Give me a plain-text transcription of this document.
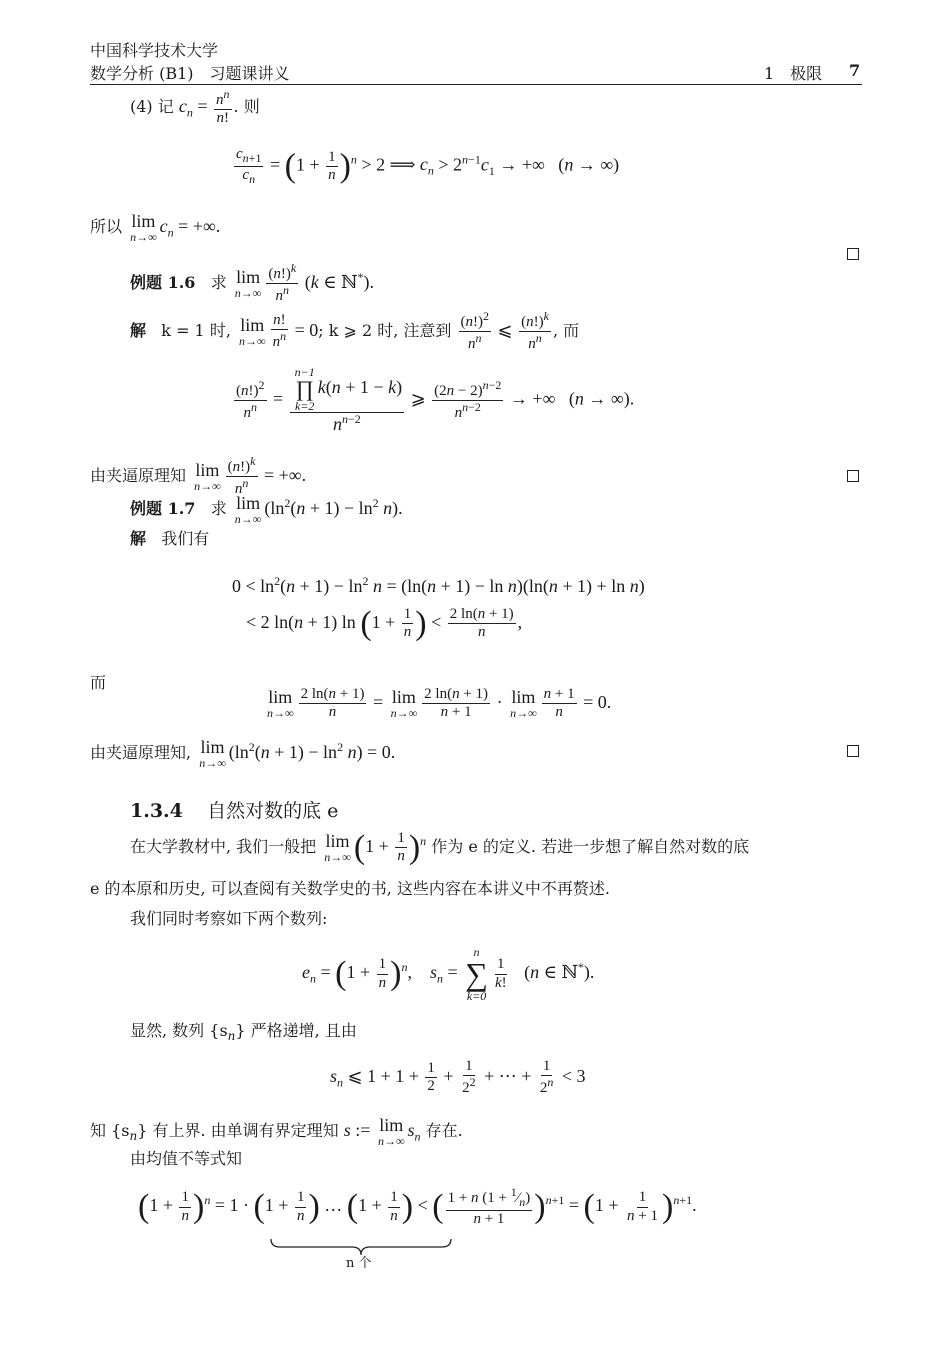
中国科学技术大学
数学分析 (B1)　习题课讲义	1　极限 7
(4) 记 $c_n = \frac{n^n}{n!}$ . 则
$\frac{c_{n+1}}{c_n} = (1 + \frac{1}{n} )^n > 2$ ⟹ $c_n > 2^{n-1}c_1$ → +∞   (n → ∞)
所以 lim
n→∞
$c_n$ = +∞.
例题 1.6 求 lim
$n\to\infty \frac{(n!)^k}{n^n} (k$ ∈ ℕ*).
解 k = 1 时, lim
$n\to\infty \frac{n!}{n^n} = 0$; k ⩾ 2 时, 注意到 $\frac{(n!)^2}{n^n}$ ⩽ $\frac{(n!)^k}{n^n}$ , 而
$\frac{(n!)^2}{n^n} = n-1$
∏
k=2
k(n + 1 − k)
$n^{n-2}$ ⩾ $\frac{(2n - 2)^{n-2}}{n^{n-2}}$ → +∞   (n → ∞).
由夹逼原理知 lim
$n\to\infty \frac{(n!)^k}{n^n}$ = +∞.
例题 1.7 求 lim
n→∞
$(\ln^2(n + 1) - \ln^2 n)$.
解 我们有
$0 < \ln^2(n + 1) - \ln^2 n = (\ln(n + 1) - \ln n)(\ln(n + 1) + \ln n)$
< 2 ln(n + 1) $\ln (1 + \frac{1}{n}$ ) < $\frac{2 \ln(n + 1)}{n}$ ,
而
lim
$n\to\infty \frac{2 \ln(n + 1)}{n} = \lim$
$n\to\infty \frac{2 \ln(n + 1)}{n + 1} \cdot \lim$
$n\to\infty \frac{n + 1}{n} = 0$.
由夹逼原理知, lim
n→∞
$(\ln^2(n + 1) - \ln^2 n) = 0$.
1.3.4 自然对数的底 e
在大学教材中, 我们一般把 lim
n→∞ $(1 + \frac{1}{n} )^n$ 作为 e 的定义. 若进一步想了解自然对数的底
e 的本原和历史, 可以查阅有关数学史的书, 这些内容在本讲义中不再赘述.
我们同时考察如下两个数列:
$e_n = (1 + \frac{1}{n} )^n$,    $s_n$ =
n
∑
k=0
$\frac{1}{k!} (n$ ∈ ℕ*).
显然, 数列 $\{s_n\}$ 严格递增, 且由
$s_n$ ⩽ $1 + 1 + \frac{1}{2} + \frac{1}{2^2}$ + ⋯ + $\frac{1}{2^n} < 3$
知 $\{s_n\}$ 有上界. 由单调有界定理知 s := lim
n→∞
$s_n$ 存在.
由均值不等式知
$(1 + \frac{1}{n} )^n = 1 \cdot (1 + \frac{1}{n}$ ) … ($1 + \frac{1}{n}$ ) < ( $\frac{1 + n (1 + ^1⁄_n)}{n + 1} )^{n+1} = (1 + \frac{1}{n + 1} )^{n+1}$.
n 个
